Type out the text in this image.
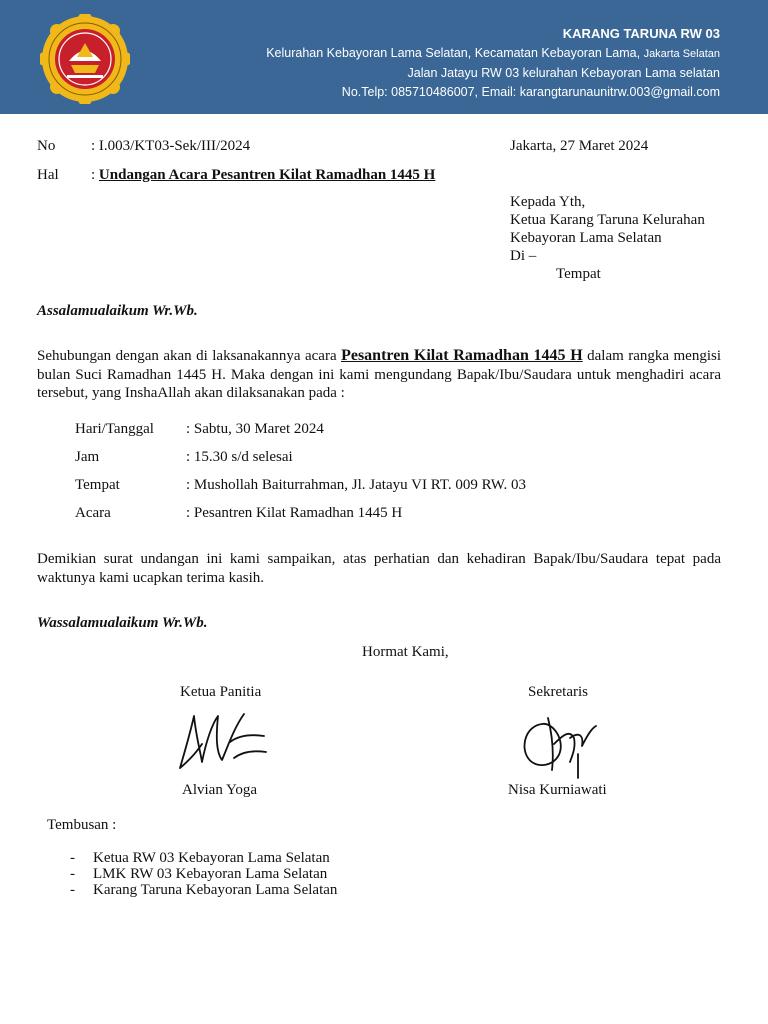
KARANG TARUNA RW 03
Kelurahan Kebayoran Lama Selatan, Kecamatan Kebayoran Lama, Jakarta Selatan
Jalan Jatayu RW 03 kelurahan Kebayoran Lama selatan
No.Telp: 085710486007, Email: karangtarunaunitrw.003@gmail.com
No : I.003/KT03-Sek/III/2024	Jakarta, 27 Maret 2024
Hal : Undangan Acara Pesantren Kilat Ramadhan 1445 H
Kepada Yth,
Ketua Karang Taruna Kelurahan
Kebayoran Lama Selatan
Di –
Tempat
Assalamualaikum Wr.Wb.
Sehubungan dengan akan di laksanakannya acara Pesantren Kilat Ramadhan 1445 H dalam rangka mengisi bulan Suci Ramadhan 1445 H. Maka dengan ini kami mengundang Bapak/Ibu/Saudara untuk menghadiri acara tersebut, yang InshaAllah akan dilaksanakan pada :
Hari/Tanggal : Sabtu, 30 Maret 2024
Jam	: 15.30 s/d selesai
Tempat	: Mushollah Baiturrahman, Jl. Jatayu VI RT. 009 RW. 03
Acara	: Pesantren Kilat Ramadhan 1445 H
Demikian surat undangan ini kami sampaikan, atas perhatian dan kehadiran Bapak/Ibu/Saudara tepat pada waktunya kami ucapkan terima kasih.
Wassalamualaikum Wr.Wb.
Hormat Kami,
Ketua Panitia	Sekretaris
Alvian Yoga	Nisa Kurniawati
Tembusan :
- Ketua RW 03 Kebayoran Lama Selatan
- LMK RW 03 Kebayoran Lama Selatan
- Karang Taruna Kebayoran Lama Selatan
